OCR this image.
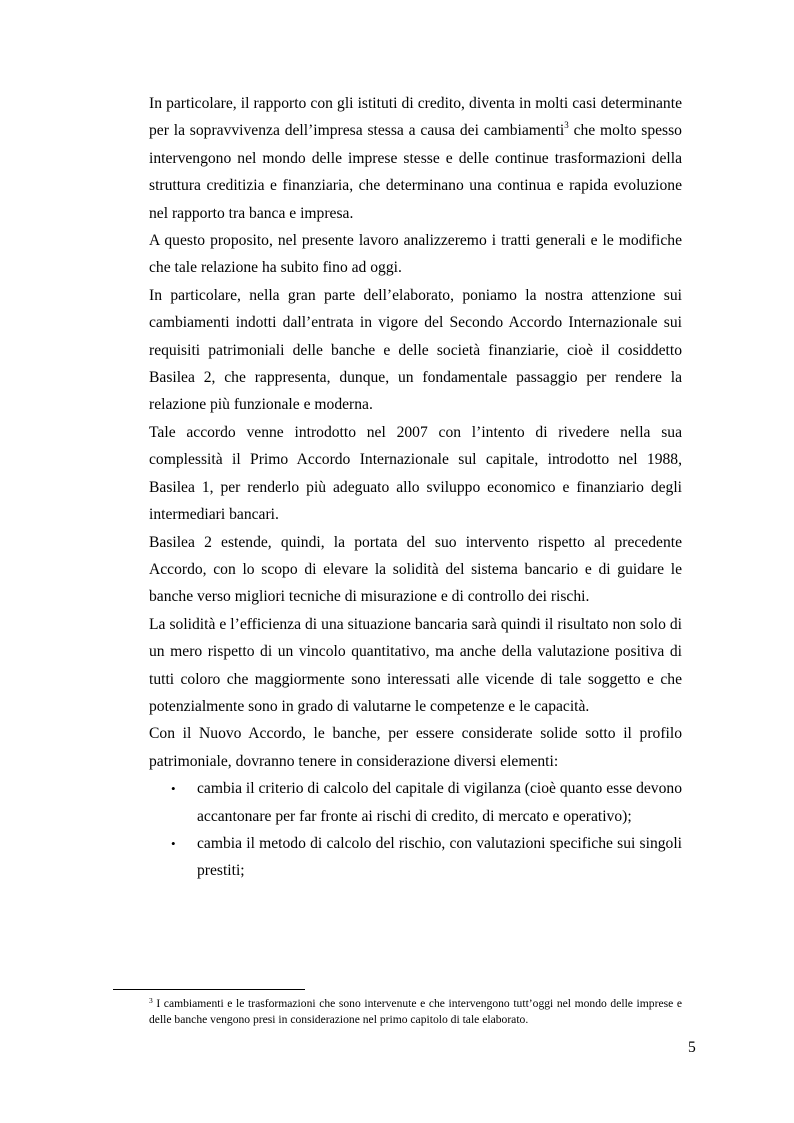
In particolare, il rapporto con gli istituti di credito, diventa in molti casi determinante per la sopravvivenza dell’impresa stessa a causa dei cambiamenti$^3$ che molto spesso intervengono nel mondo delle imprese stesse e delle continue trasformazioni della struttura creditizia e finanziaria, che determinano una continua e rapida evoluzione nel rapporto tra banca e impresa.

A questo proposito, nel presente lavoro analizzeremo i tratti generali e le modifiche che tale relazione ha subito fino ad oggi.

In particolare, nella gran parte dell’elaborato, poniamo la nostra attenzione sui cambiamenti indotti dall’entrata in vigore del Secondo Accordo Internazionale sui requisiti patrimoniali delle banche e delle società finanziarie, cioè il cosiddetto Basilea 2, che rappresenta, dunque, un fondamentale passaggio per rendere la relazione più funzionale e moderna.

Tale accordo venne introdotto nel 2007 con l’intento di rivedere nella sua complessità il Primo Accordo Internazionale sul capitale, introdotto nel 1988, Basilea 1, per renderlo più adeguato allo sviluppo economico e finanziario degli intermediari bancari.

Basilea 2 estende, quindi, la portata del suo intervento rispetto al precedente Accordo, con lo scopo di elevare la solidità del sistema bancario e di guidare le banche verso migliori tecniche di misurazione e di controllo dei rischi.

La solidità e l’efficienza di una situazione bancaria sarà quindi il risultato non solo di un mero rispetto di un vincolo quantitativo, ma anche della valutazione positiva di tutti coloro che maggiormente sono interessati alle vicende di tale soggetto e che potenzialmente sono in grado di valutarne le competenze e le capacità.

Con il Nuovo Accordo, le banche, per essere considerate solide sotto il profilo patrimoniale, dovranno tenere in considerazione diversi elementi:

• cambia il criterio di calcolo del capitale di vigilanza (cioè quanto esse devono accantonare per far fronte ai rischi di credito, di mercato e operativo);
• cambia il metodo di calcolo del rischio, con valutazioni specifiche sui singoli prestiti;

$^3$ I cambiamenti e le trasformazioni che sono intervenute e che intervengono tutt’oggi nel mondo delle imprese e delle banche vengono presi in considerazione nel primo capitolo di tale elaborato.

5
